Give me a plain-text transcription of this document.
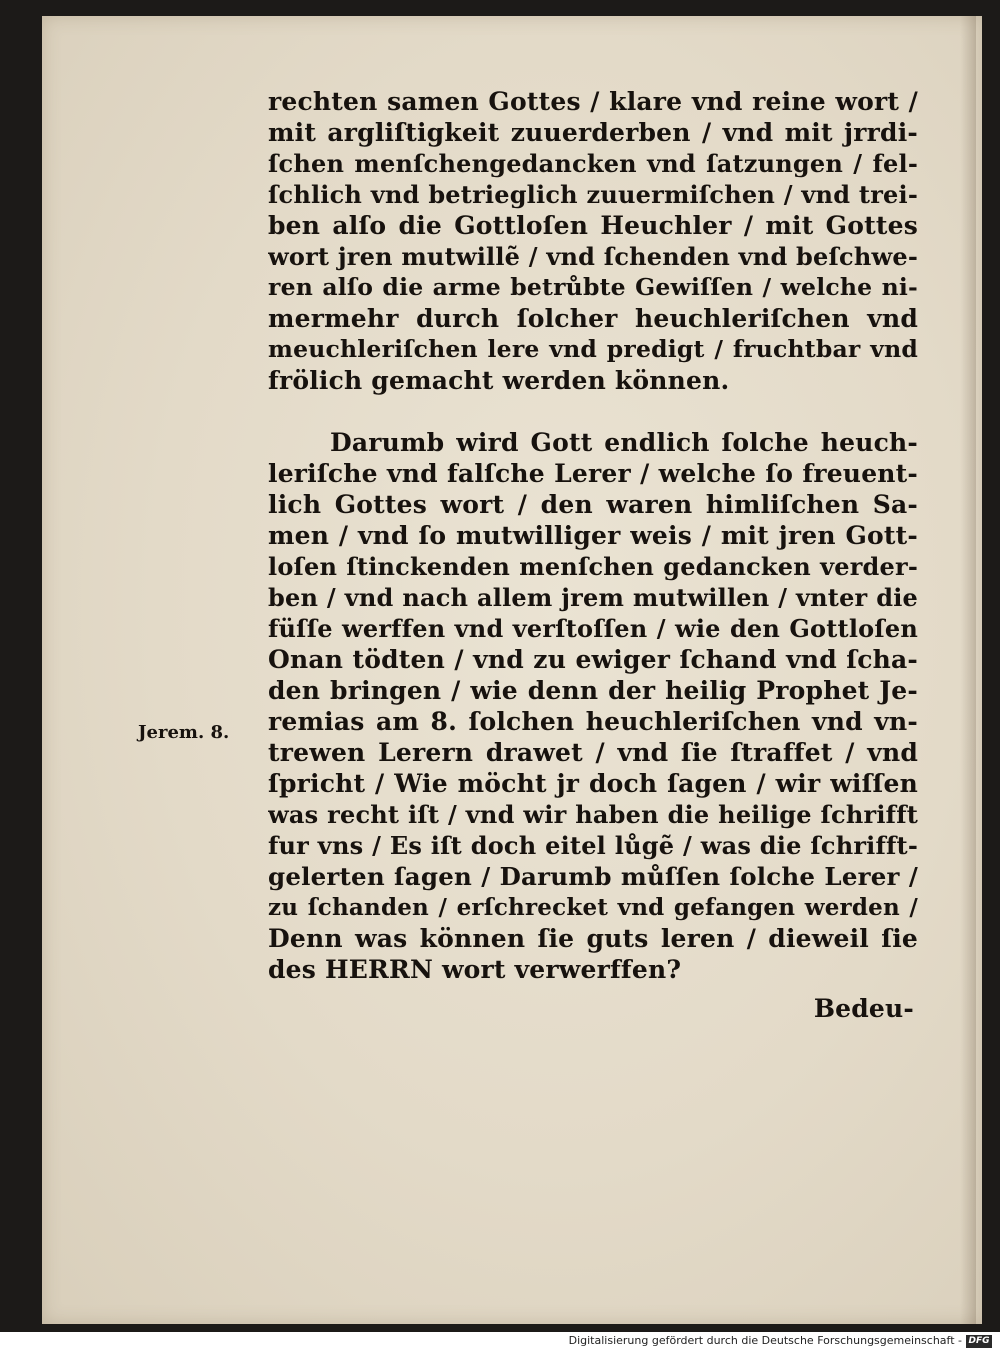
Jerem. 8.
rechten samen Gottes / klare vnd reine wort /
mit argliſtigkeit zuuerderben / vnd mit jrrdi-
ſchen menſchengedancken vnd ſatzungen / fel-
ſchlich vnd betrieglich zuuermiſchen / vnd trei-
ben alſo die Gottloſen Heuchler / mit Gottes
wort jren mutwillẽ / vnd ſchenden vnd beſchwe-
ren alſo die arme betrůbte Gewiſſen / welche ni-
mermehr durch ſolcher heuchleriſchen vnd
meuchleriſchen lere vnd predigt / fruchtbar vnd
frölich gemacht werden können.
Darumb wird Gott endlich ſolche heuch-
leriſche vnd falſche Lerer / welche ſo freuent-
lich Gottes wort / den waren himliſchen Sa-
men / vnd ſo mutwilliger weis / mit jren Gott-
loſen ſtinckenden menſchen gedancken verder-
ben / vnd nach allem jrem mutwillen / vnter die
füſſe werffen vnd verſtoſſen / wie den Gottloſen
Onan tödten / vnd zu ewiger ſchand vnd ſcha-
den bringen / wie denn der heilig Prophet Je-
remias am 8. ſolchen heuchleriſchen vnd vn-
trewen Lerern drawet / vnd ſie ſtraffet / vnd
ſpricht / Wie möcht jr doch ſagen / wir wiſſen
was recht iſt / vnd wir haben die heilige ſchrifft
fur vns / Es iſt doch eitel lůgẽ / was die ſchrifft-
gelerten ſagen / Darumb můſſen ſolche Lerer /
zu ſchanden / erſchrecket vnd gefangen werden /
Denn was können ſie guts leren / dieweil ſie
des HERRN wort verwerffen?
Bedeu-
Digitalisierung gefördert durch die Deutsche Forschungsgemeinschaft - DFG
